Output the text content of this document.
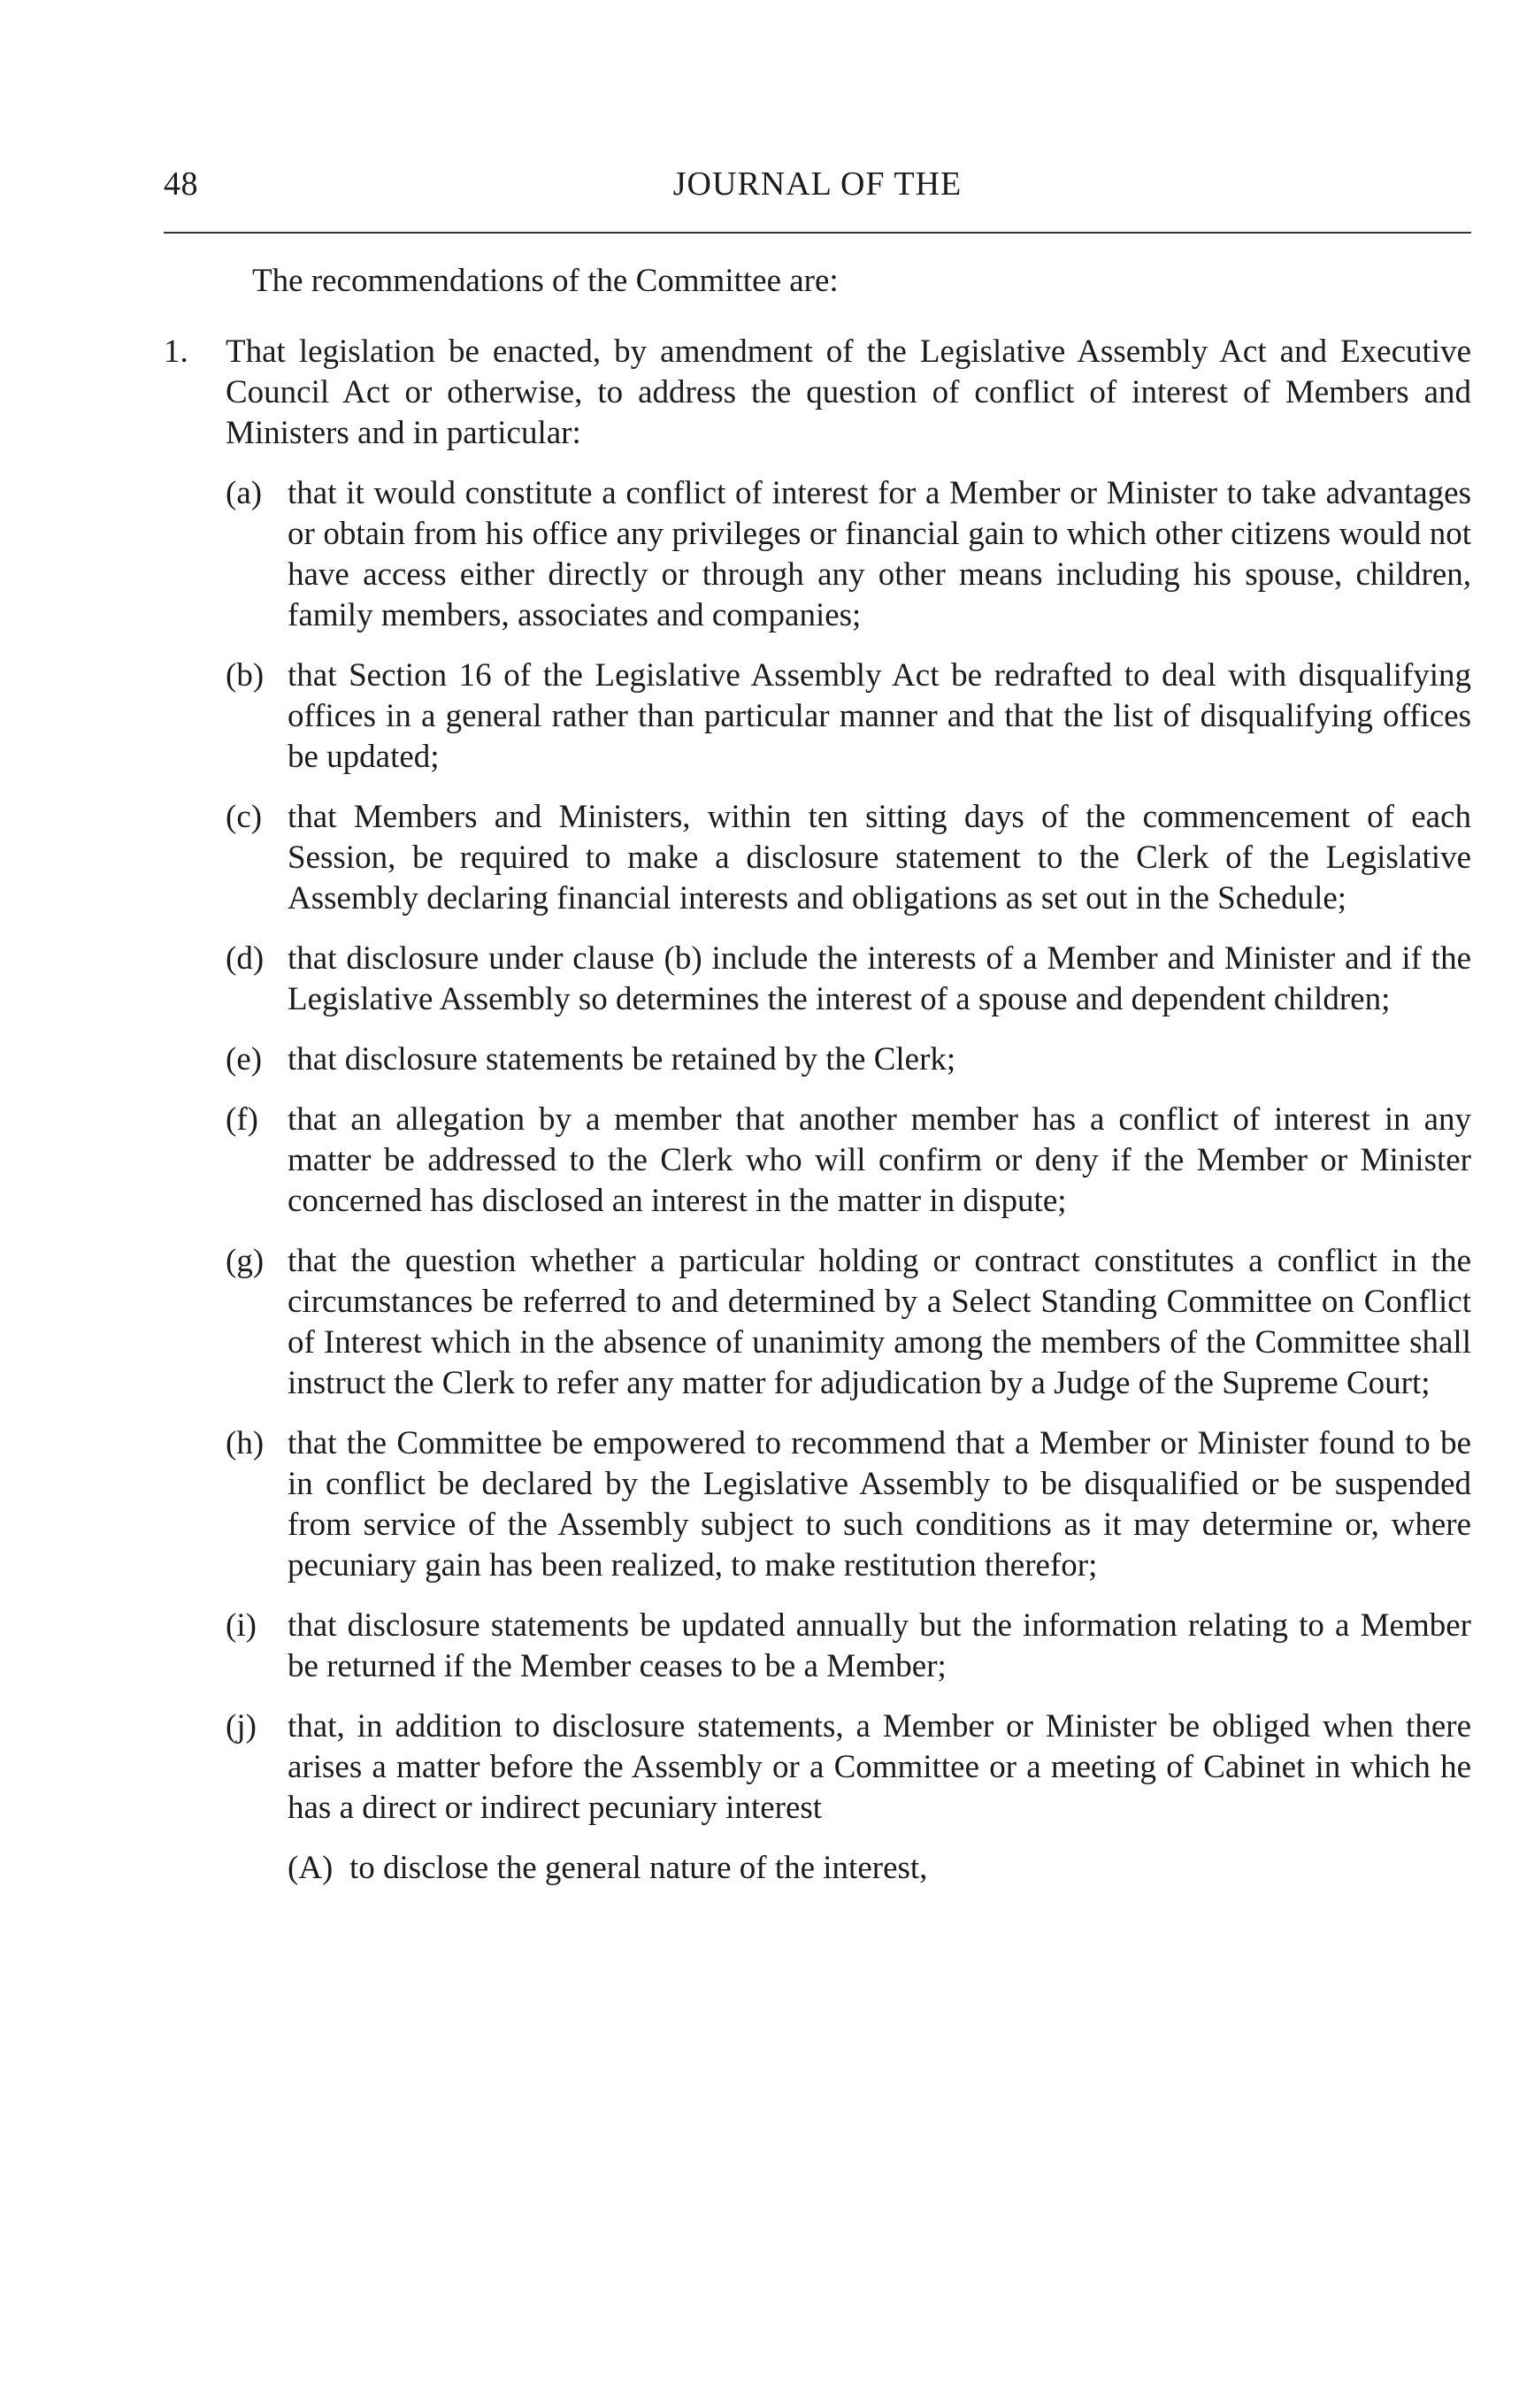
48	JOURNAL OF THE
The recommendations of the Committee are:
1. That legislation be enacted, by amendment of the Legislative Assembly Act and Executive Council Act or otherwise, to address the question of conflict of interest of Members and Ministers and in particular:
(a) that it would constitute a conflict of interest for a Member or Minister to take advantages or obtain from his office any privileges or financial gain to which other citizens would not have access either directly or through any other means including his spouse, children, family members, associates and companies;
(b) that Section 16 of the Legislative Assembly Act be redrafted to deal with disqualifying offices in a general rather than particular manner and that the list of disqualifying offices be updated;
(c) that Members and Ministers, within ten sitting days of the commencement of each Session, be required to make a disclosure statement to the Clerk of the Legislative Assembly declaring financial interests and obligations as set out in the Schedule;
(d) that disclosure under clause (b) include the interests of a Member and Minister and if the Legislative Assembly so determines the interest of a spouse and dependent children;
(e) that disclosure statements be retained by the Clerk;
(f) that an allegation by a member that another member has a conflict of interest in any matter be addressed to the Clerk who will confirm or deny if the Member or Minister concerned has disclosed an interest in the matter in dispute;
(g) that the question whether a particular holding or contract constitutes a conflict in the circumstances be referred to and determined by a Select Standing Committee on Conflict of Interest which in the absence of unanimity among the members of the Committee shall instruct the Clerk to refer any matter for adjudication by a Judge of the Supreme Court;
(h) that the Committee be empowered to recommend that a Member or Minister found to be in conflict be declared by the Legislative Assembly to be disqualified or be suspended from service of the Assembly subject to such conditions as it may determine or, where pecuniary gain has been realized, to make restitution therefor;
(i) that disclosure statements be updated annually but the information relating to a Member be returned if the Member ceases to be a Member;
(j) that, in addition to disclosure statements, a Member or Minister be obliged when there arises a matter before the Assembly or a Committee or a meeting of Cabinet in which he has a direct or indirect pecuniary interest
(A) to disclose the general nature of the interest,
